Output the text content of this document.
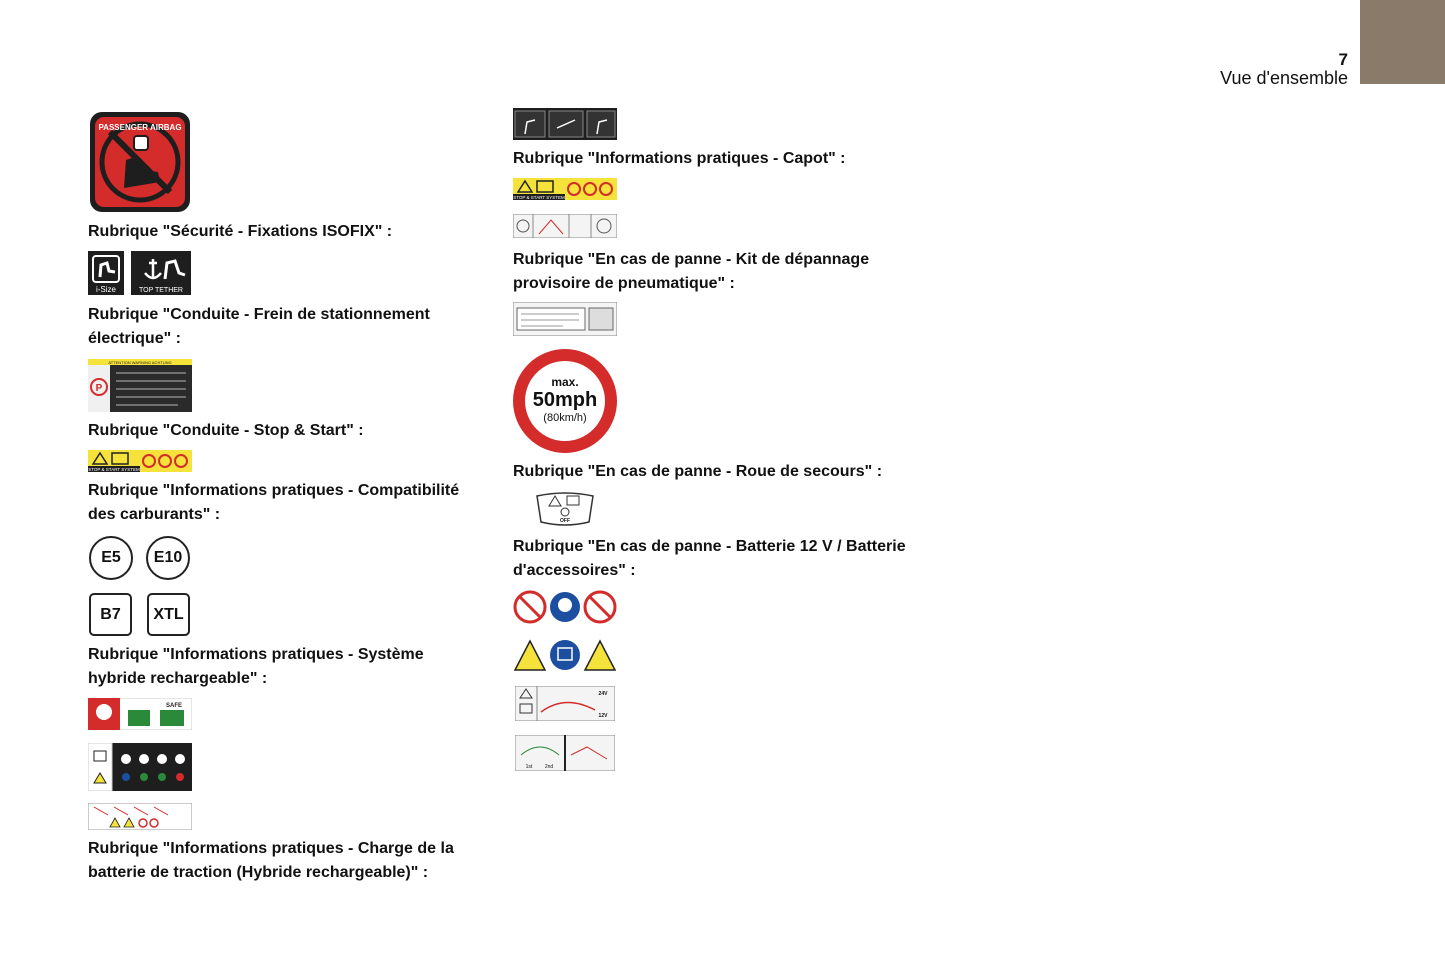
7
Vue d'ensemble
PASSENGER AIRBAG
Rubrique "Sécurité - Fixations ISOFIX" :
i-Size	TOP TETHER
Rubrique "Conduite - Frein de stationnement électrique" :
ATTENTION WARNING ACHTUNG
P
Rubrique "Conduite - Stop & Start" :
STOP & START SYSTEM
Rubrique "Informations pratiques - Compatibilité des carburants" :
E5	E10
B7	XTL
Rubrique "Informations pratiques - Système hybride rechargeable" :
SAFE
Rubrique "Informations pratiques - Charge de la batterie de traction (Hybride rechargeable)" :
Rubrique "Informations pratiques - Capot" :
STOP & START SYSTEM
Rubrique "En cas de panne - Kit de dépannage provisoire de pneumatique" :
max.
50mph
(80km/h)
Rubrique "En cas de panne - Roue de secours" :
OFF
Rubrique "En cas de panne - Batterie 12 V / Batterie d'accessoires" :
24V
12V
1st 2nd
